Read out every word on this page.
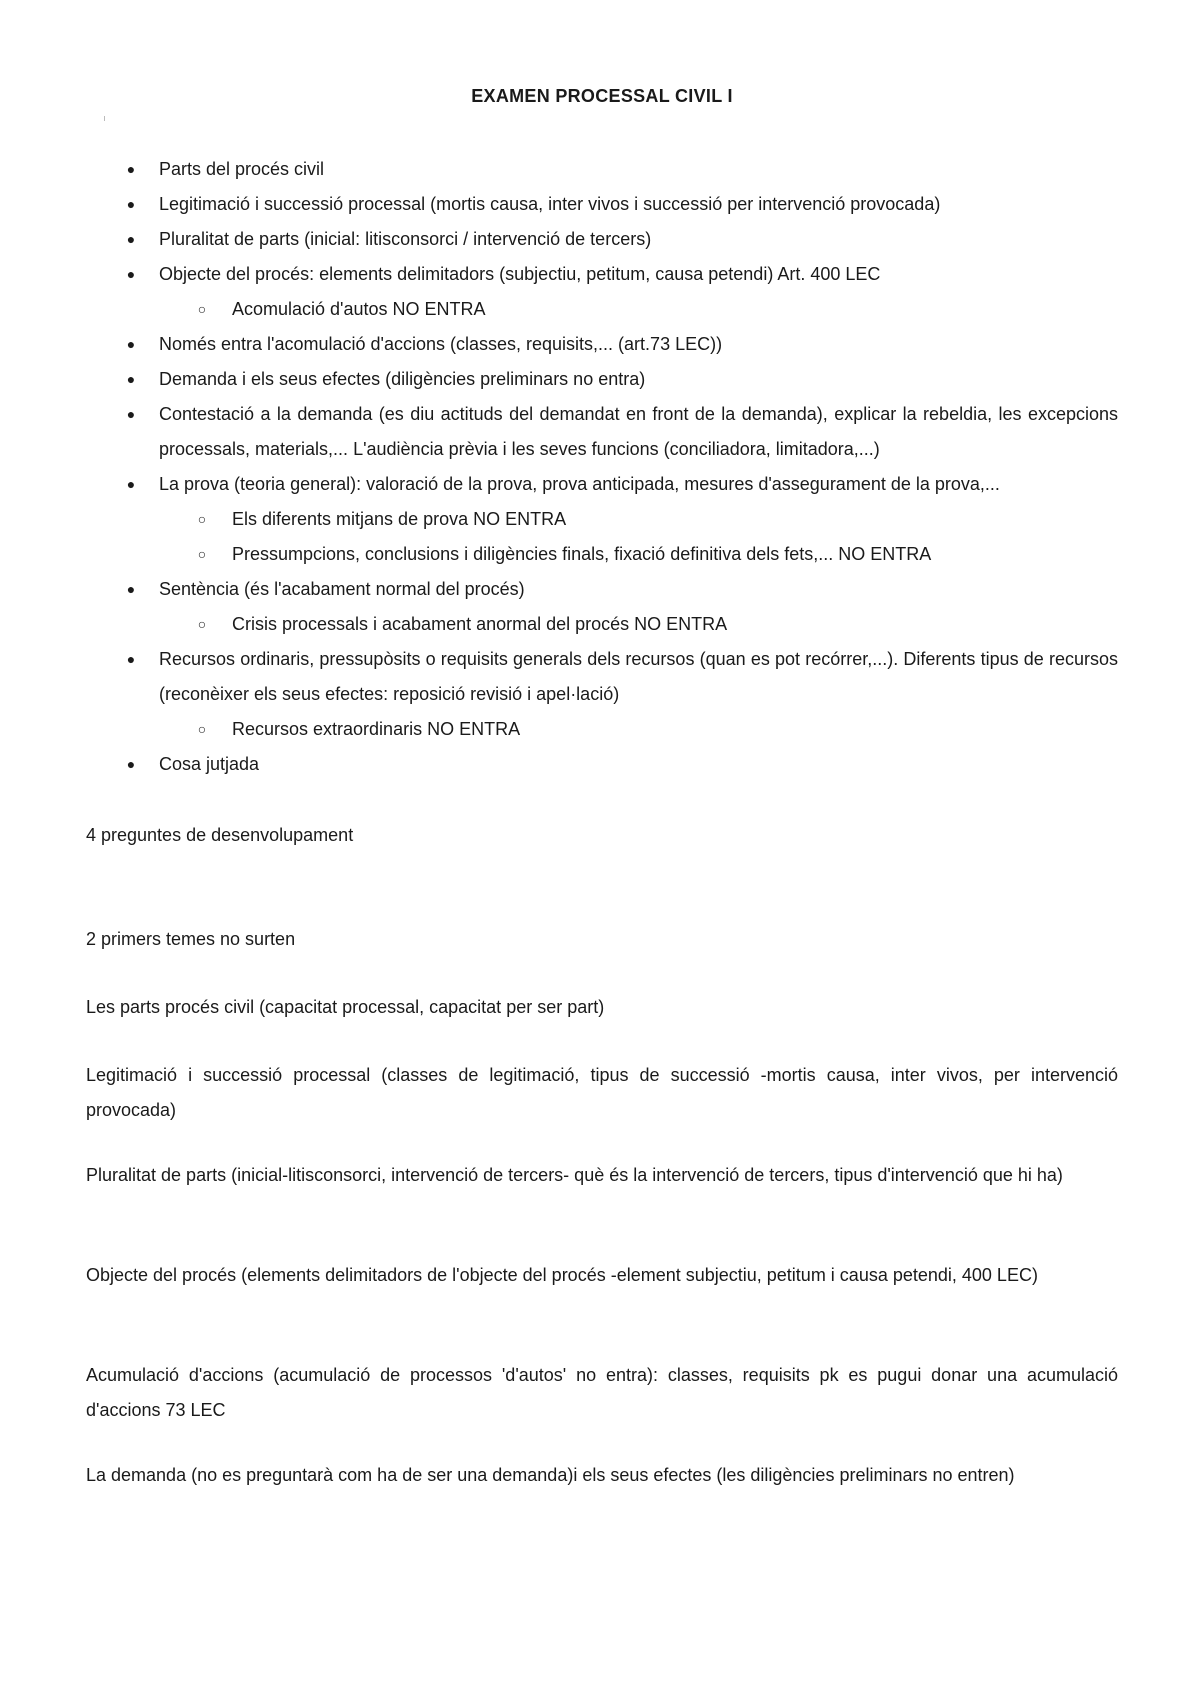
EXAMEN PROCESSAL CIVIL I
● Parts del procés civil
● Legitimació i successió processal (mortis causa, inter vivos i successió per intervenció provocada)
● Pluralitat de parts (inicial: litisconsorci / intervenció de tercers)
● Objecte del procés: elements delimitadors (subjectiu, petitum, causa petendi) Art. 400 LEC
○ Acomulació d'autos NO ENTRA
● Només entra l'acomulació d'accions (classes, requisits,... (art.73 LEC))
● Demanda i els seus efectes (diligències preliminars no entra)
● Contestació a la demanda (es diu actituds del demandat en front de la demanda), explicar la rebeldia, les excepcions processals, materials,... L'audiència prèvia i les seves funcions (conciliadora, limitadora,...)
● La prova (teoria general): valoració de la prova, prova anticipada, mesures d'assegurament de la prova,...
○ Els diferents mitjans de prova NO ENTRA
○ Pressumpcions, conclusions i diligències finals, fixació definitiva dels fets,... NO ENTRA
● Sentència (és l'acabament normal del procés)
○ Crisis processals i acabament anormal del procés NO ENTRA
● Recursos ordinaris, pressupòsits o requisits generals dels recursos (quan es pot recórrer,...). Diferents tipus de recursos (reconèixer els seus efectes: reposició revisió i apel·lació)
○ Recursos extraordinaris NO ENTRA
● Cosa jutjada

4 preguntes de desenvolupament

2 primers temes no surten

Les parts procés civil (capacitat processal, capacitat per ser part)

Legitimació i successió processal (classes de legitimació, tipus de successió -mortis causa, inter vivos, per intervenció provocada)

Pluralitat de parts (inicial-litisconsorci, intervenció de tercers- què és la intervenció de tercers, tipus d'intervenció que hi ha)

Objecte del procés (elements delimitadors de l'objecte del procés -element subjectiu, petitum i causa petendi, 400 LEC)

Acumulació d'accions (acumulació de processos 'd'autos' no entra): classes, requisits pk es pugui donar una acumulació d'accions 73 LEC

La demanda (no es preguntarà com ha de ser una demanda)i els seus efectes (les diligències preliminars no entren)
